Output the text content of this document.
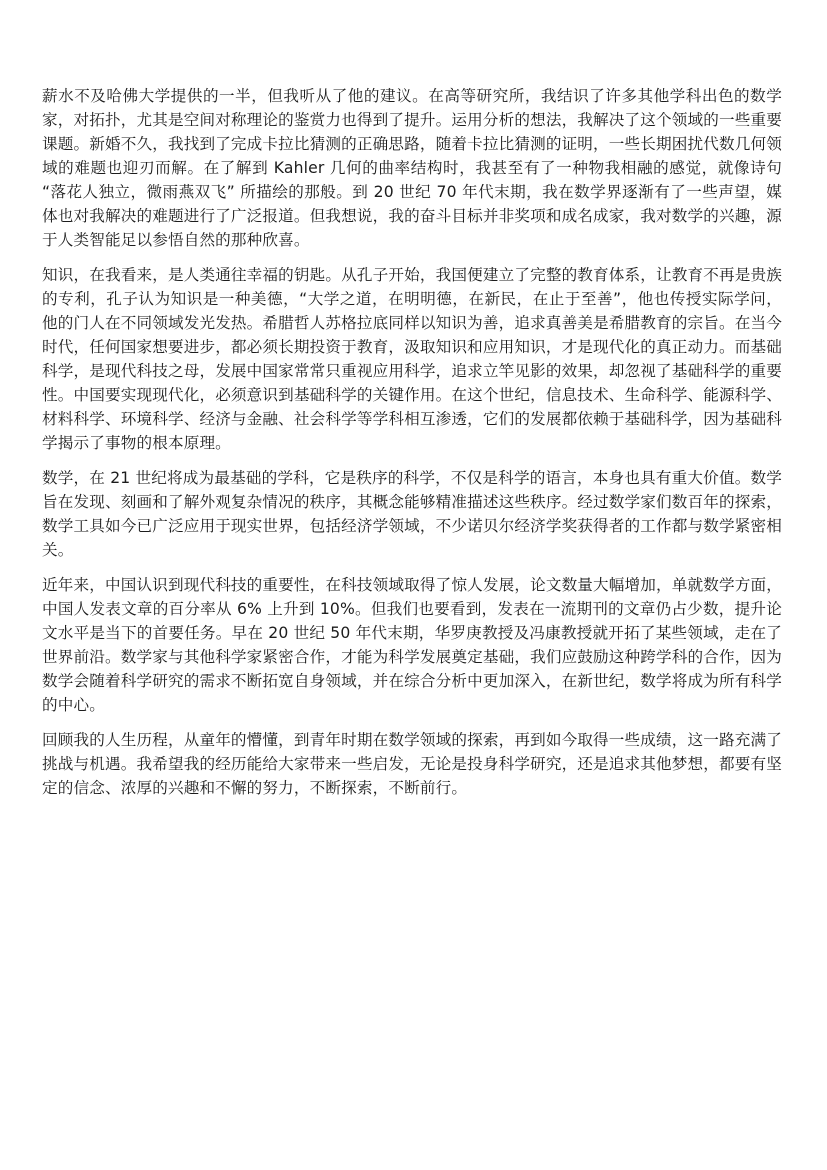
薪水不及哈佛大学提供的一半，但我听从了他的建议。在高等研究所，我结识了许多其他学科出色的数学家，对拓扑，尤其是空间对称理论的鉴赏力也得到了提升。运用分析的想法，我解决了这个领域的一些重要课题。新婚不久，我找到了完成卡拉比猜测的正确思路，随着卡拉比猜测的证明，一些长期困扰代数几何领域的难题也迎刃而解。在了解到 Kahler 几何的曲率结构时，我甚至有了一种物我相融的感觉，就像诗句 “落花人独立，微雨燕双飞” 所描绘的那般。到 20 世纪 70 年代末期，我在数学界逐渐有了一些声望，媒体也对我解决的难题进行了广泛报道。但我想说，我的奋斗目标并非奖项和成名成家，我对数学的兴趣，源于人类智能足以参悟自然的那种欣喜。

知识，在我看来，是人类通往幸福的钥匙。从孔子开始，我国便建立了完整的教育体系，让教育不再是贵族的专利，孔子认为知识是一种美德，“大学之道，在明明德，在新民，在止于至善”，他也传授实际学问，他的门人在不同领域发光发热。希腊哲人苏格拉底同样以知识为善，追求真善美是希腊教育的宗旨。在当今时代，任何国家想要进步，都必须长期投资于教育，汲取知识和应用知识，才是现代化的真正动力。而基础科学，是现代科技之母，发展中国家常常只重视应用科学，追求立竿见影的效果，却忽视了基础科学的重要性。中国要实现现代化，必须意识到基础科学的关键作用。在这个世纪，信息技术、生命科学、能源科学、材料科学、环境科学、经济与金融、社会科学等学科相互渗透，它们的发展都依赖于基础科学，因为基础科学揭示了事物的根本原理。

数学，在 21 世纪将成为最基础的学科，它是秩序的科学，不仅是科学的语言，本身也具有重大价值。数学旨在发现、刻画和了解外观复杂情况的秩序，其概念能够精准描述这些秩序。经过数学家们数百年的探索，数学工具如今已广泛应用于现实世界，包括经济学领域，不少诺贝尔经济学奖获得者的工作都与数学紧密相关。

近年来，中国认识到现代科技的重要性，在科技领域取得了惊人发展，论文数量大幅增加，单就数学方面，中国人发表文章的百分率从 6% 上升到 10%。但我们也要看到，发表在一流期刊的文章仍占少数，提升论文水平是当下的首要任务。早在 20 世纪 50 年代末期，华罗庚教授及冯康教授就开拓了某些领域，走在了世界前沿。数学家与其他科学家紧密合作，才能为科学发展奠定基础，我们应鼓励这种跨学科的合作，因为数学会随着科学研究的需求不断拓宽自身领域，并在综合分析中更加深入，在新世纪，数学将成为所有科学的中心。

回顾我的人生历程，从童年的懵懂，到青年时期在数学领域的探索，再到如今取得一些成绩，这一路充满了挑战与机遇。我希望我的经历能给大家带来一些启发，无论是投身科学研究，还是追求其他梦想，都要有坚定的信念、浓厚的兴趣和不懈的努力，不断探索，不断前行。
